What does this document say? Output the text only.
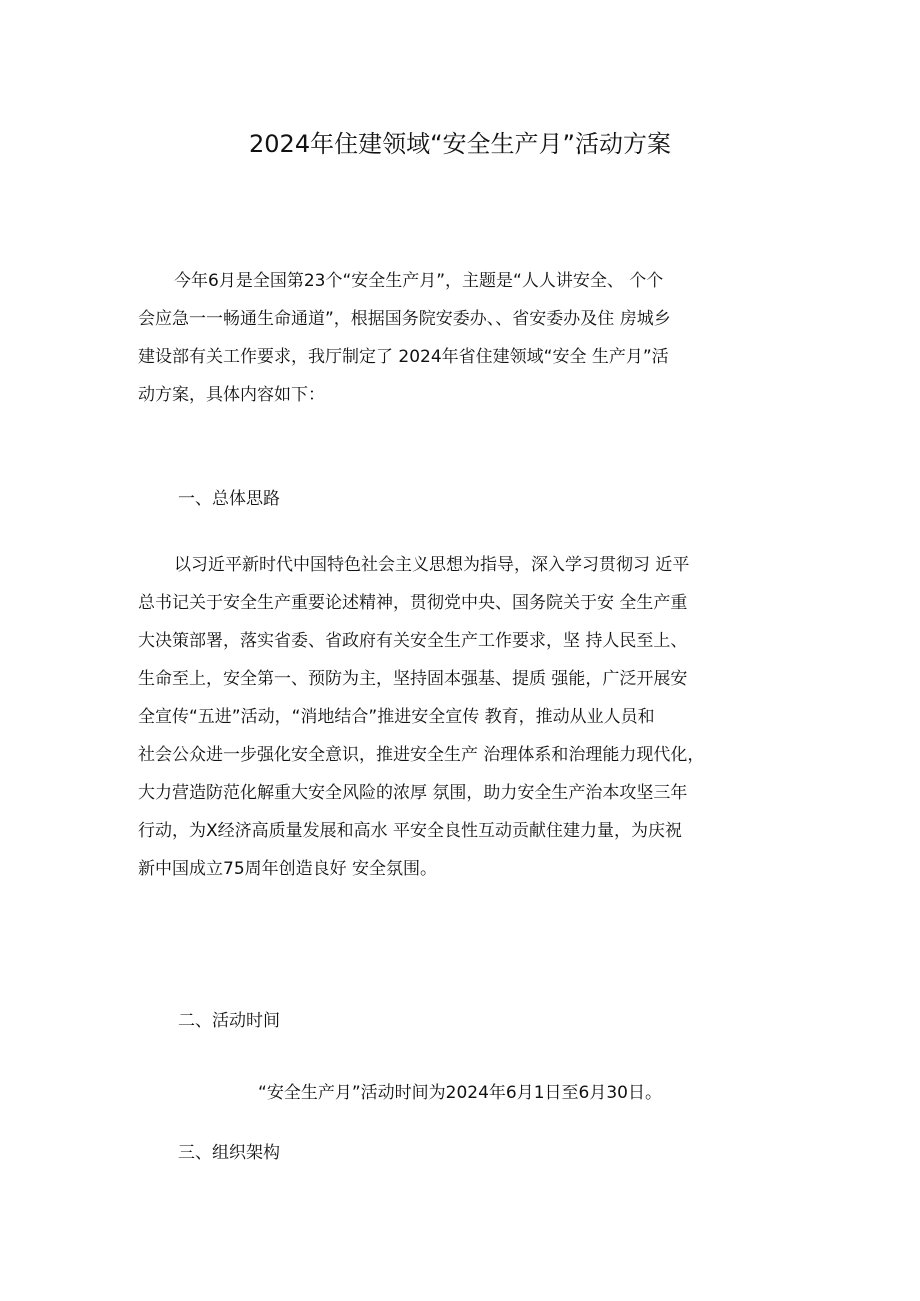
2024年住建领域“安全生产月”活动方案
今年6月是全国第23个“安全生产月”，主题是“人人讲安全、 个个
会应急一一畅通生命通道”，根据国务院安委办、、省安委办及住 房城乡
建设部有关工作要求，我厅制定了 2024年省住建领域“安全 生产月”活
动方案，具体内容如下：
一、总体思路
以习近平新时代中国特色社会主义思想为指导，深入学习贯彻习 近平
总书记关于安全生产重要论述精神，贯彻党中央、国务院关于安 全生产重
大决策部署，落实省委、省政府有关安全生产工作要求，坚 持人民至上、
生命至上，安全第一、预防为主，坚持固本强基、提质 强能，广泛开展安
全宣传“五进”活动，“消地结合”推进安全宣传 教育，推动从业人员和
社会公众进一步强化安全意识，推进安全生产 治理体系和治理能力现代化，
大力营造防范化解重大安全风险的浓厚 氛围，助力安全生产治本攻坚三年
行动，为X经济高质量发展和高水 平安全良性互动贡献住建力量，为庆祝
新中国成立75周年创造良好 安全氛围。
二、活动时间
“安全生产月”活动时间为2024年6月1日至6月30日。
三、组织架构
